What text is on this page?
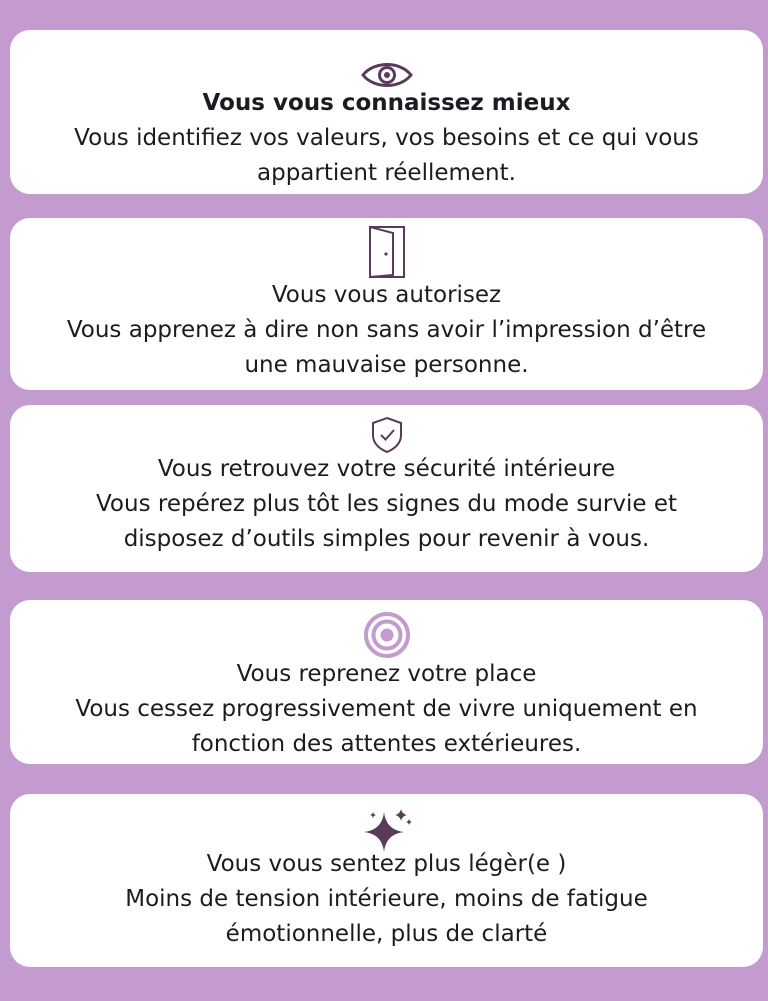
Vous vous connaissez mieux
Vous identifiez vos valeurs, vos besoins et ce qui vous
appartient réellement.
Vous vous autorisez
Vous apprenez à dire non sans avoir l’impression d’être
une mauvaise personne.
Vous retrouvez votre sécurité intérieure
Vous repérez plus tôt les signes du mode survie et
disposez d’outils simples pour revenir à vous.
Vous reprenez votre place
Vous cessez progressivement de vivre uniquement en
fonction des attentes extérieures.
Vous vous sentez plus légèr(e )
Moins de tension intérieure, moins de fatigue
émotionnelle, plus de clarté
